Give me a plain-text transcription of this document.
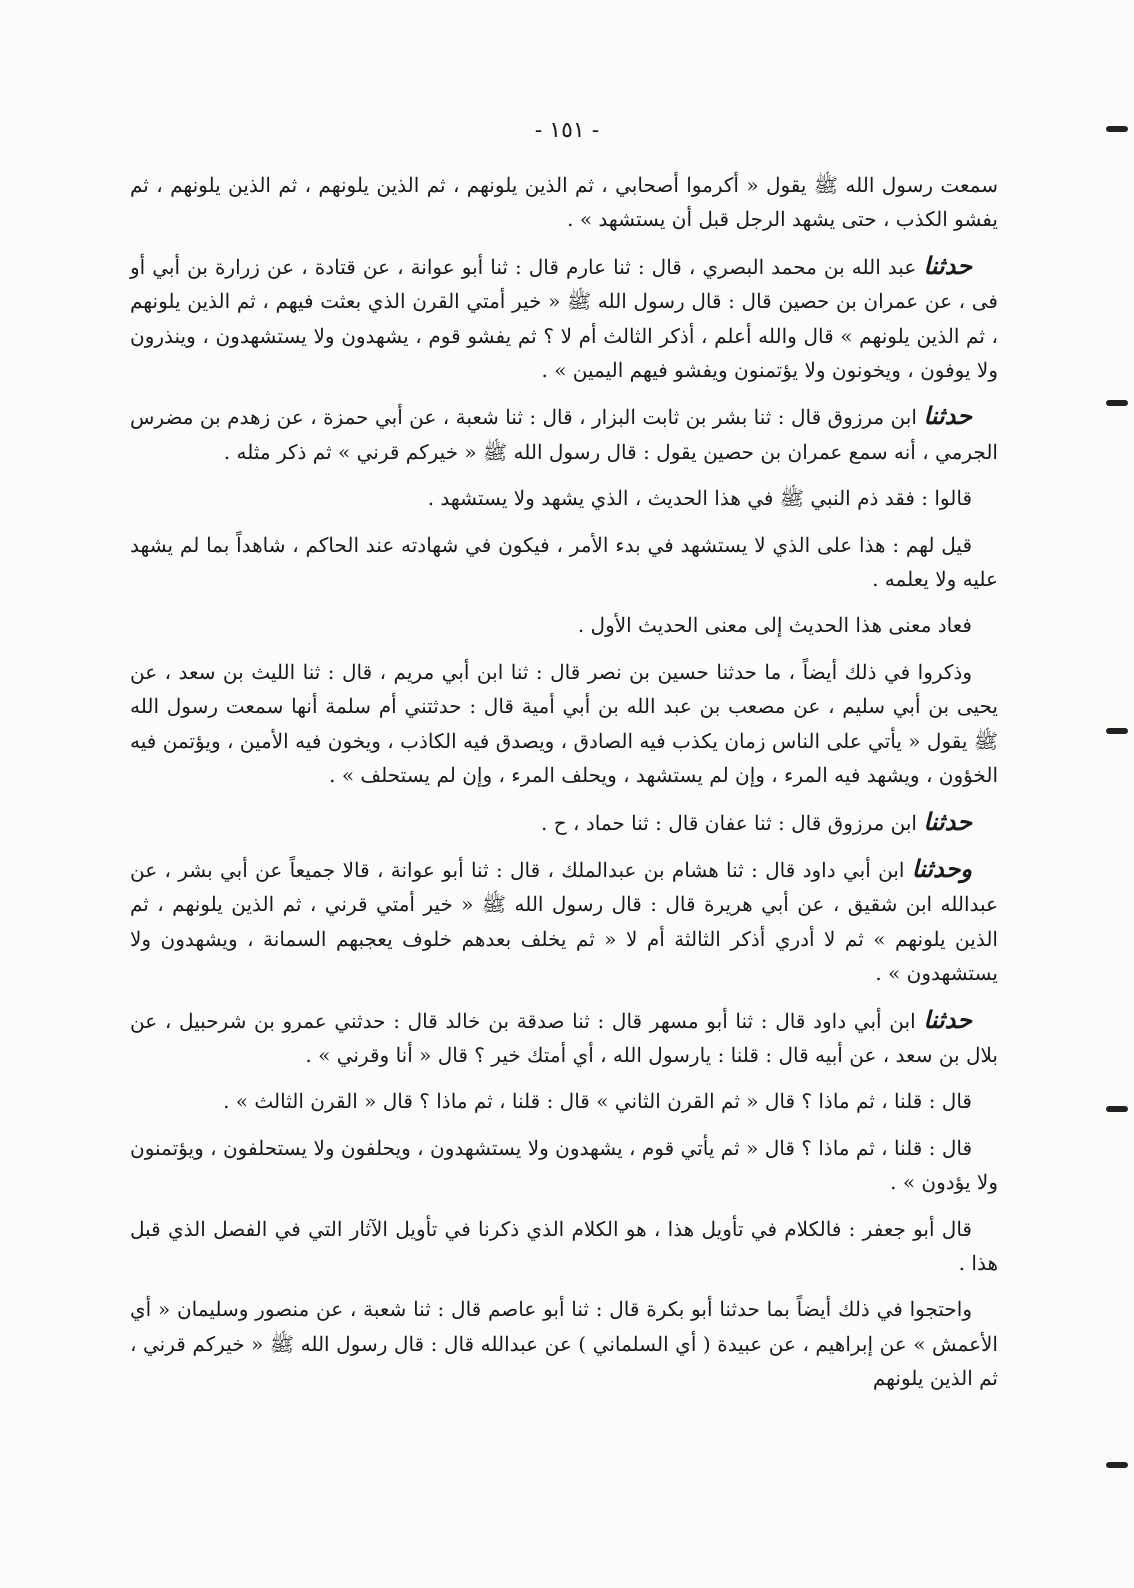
- ١٥١ -

سمعت رسول الله ﷺ يقول « أكرموا أصحابي ، ثم الذين يلونهم ، ثم الذين يلونهم ، ثم الذين يلونهم ، ثم يفشو الكذب ، حتى يشهد الرجل قبل أن يستشهد » .

حدثنا عبد الله بن محمد البصري ، قال : ثنا عارم قال : ثنا أبو عوانة ، عن قتادة ، عن زرارة بن أبي أو فى ، عن عمران بن حصين قال : قال رسول الله ﷺ « خير أمتي القرن الذي بعثت فيهم ، ثم الذين يلونهم ، ثم الذين يلونهم » قال والله أعلم ، أذكر الثالث أم لا ؟ ثم يفشو قوم ، يشهدون ولا يستشهدون ، وينذرون ولا يوفون ، ويخونون ولا يؤتمنون ويفشو فيهم اليمين » .

حدثنا ابن مرزوق قال : ثنا بشر بن ثابت البزار ، قال : ثنا شعبة ، عن أبي حمزة ، عن زهدم بن مضرس الجرمي ، أنه سمع عمران بن حصين يقول : قال رسول الله ﷺ « خيركم قرني » ثم ذكر مثله .

قالوا : فقد ذم النبي ﷺ في هذا الحديث ، الذي يشهد ولا يستشهد .

قيل لهم : هذا على الذي لا يستشهد في بدء الأمر ، فيكون في شهادته عند الحاكم ، شاهداً بما لم يشهد عليه ولا يعلمه .

فعاد معنى هذا الحديث إلى معنى الحديث الأول .

وذكروا في ذلك أيضاً ، ما حدثنا حسين بن نصر قال : ثنا ابن أبي مريم ، قال : ثنا الليث بن سعد ، عن يحيى بن أبي سليم ، عن مصعب بن عبد الله بن أبي أمية قال : حدثتني أم سلمة أنها سمعت رسول الله ﷺ يقول « يأتي على الناس زمان يكذب فيه الصادق ، ويصدق فيه الكاذب ، ويخون فيه الأمين ، ويؤتمن فيه الخؤون ، ويشهد فيه المرء ، وإن لم يستشهد ، ويحلف المرء ، وإن لم يستحلف » .

حدثنا ابن مرزوق قال : ثنا عفان قال : ثنا حماد ، ح .

وحدثنا ابن أبي داود قال : ثنا هشام بن عبدالملك ، قال : ثنا أبو عوانة ، قالا جميعاً عن أبي بشر ، عن عبدالله ابن شقيق ، عن أبي هريرة قال : قال رسول الله ﷺ « خير أمتي قرني ، ثم الذين يلونهم ، ثم الذين يلونهم » ثم لا أدري أذكر الثالثة أم لا « ثم يخلف بعدهم خلوف يعجبهم السمانة ، ويشهدون ولا يستشهدون » .

حدثنا ابن أبي داود قال : ثنا أبو مسهر قال : ثنا صدقة بن خالد قال : حدثني عمرو بن شرحبيل ، عن بلال بن سعد ، عن أبيه قال : قلنا : يارسول الله ، أي أمتك خير ؟ قال « أنا وقرني » .

قال : قلنا ، ثم ماذا ؟ قال « ثم القرن الثاني » قال : قلنا ، ثم ماذا ؟ قال « القرن الثالث » .

قال : قلنا ، ثم ماذا ؟ قال « ثم يأتي قوم ، يشهدون ولا يستشهدون ، ويحلفون ولا يستحلفون ، ويؤتمنون ولا يؤدون » .

قال أبو جعفر : فالكلام في تأويل هذا ، هو الكلام الذي ذكرنا في تأويل الآثار التي في الفصل الذي قبل هذا .

واحتجوا في ذلك أيضاً بما حدثنا أبو بكرة قال : ثنا أبو عاصم قال : ثنا شعبة ، عن منصور وسليمان « أي الأعمش » عن إبراهيم ، عن عبيدة ( أي السلماني ) عن عبدالله قال : قال رسول الله ﷺ « خيركم قرني ، ثم الذين يلونهم
